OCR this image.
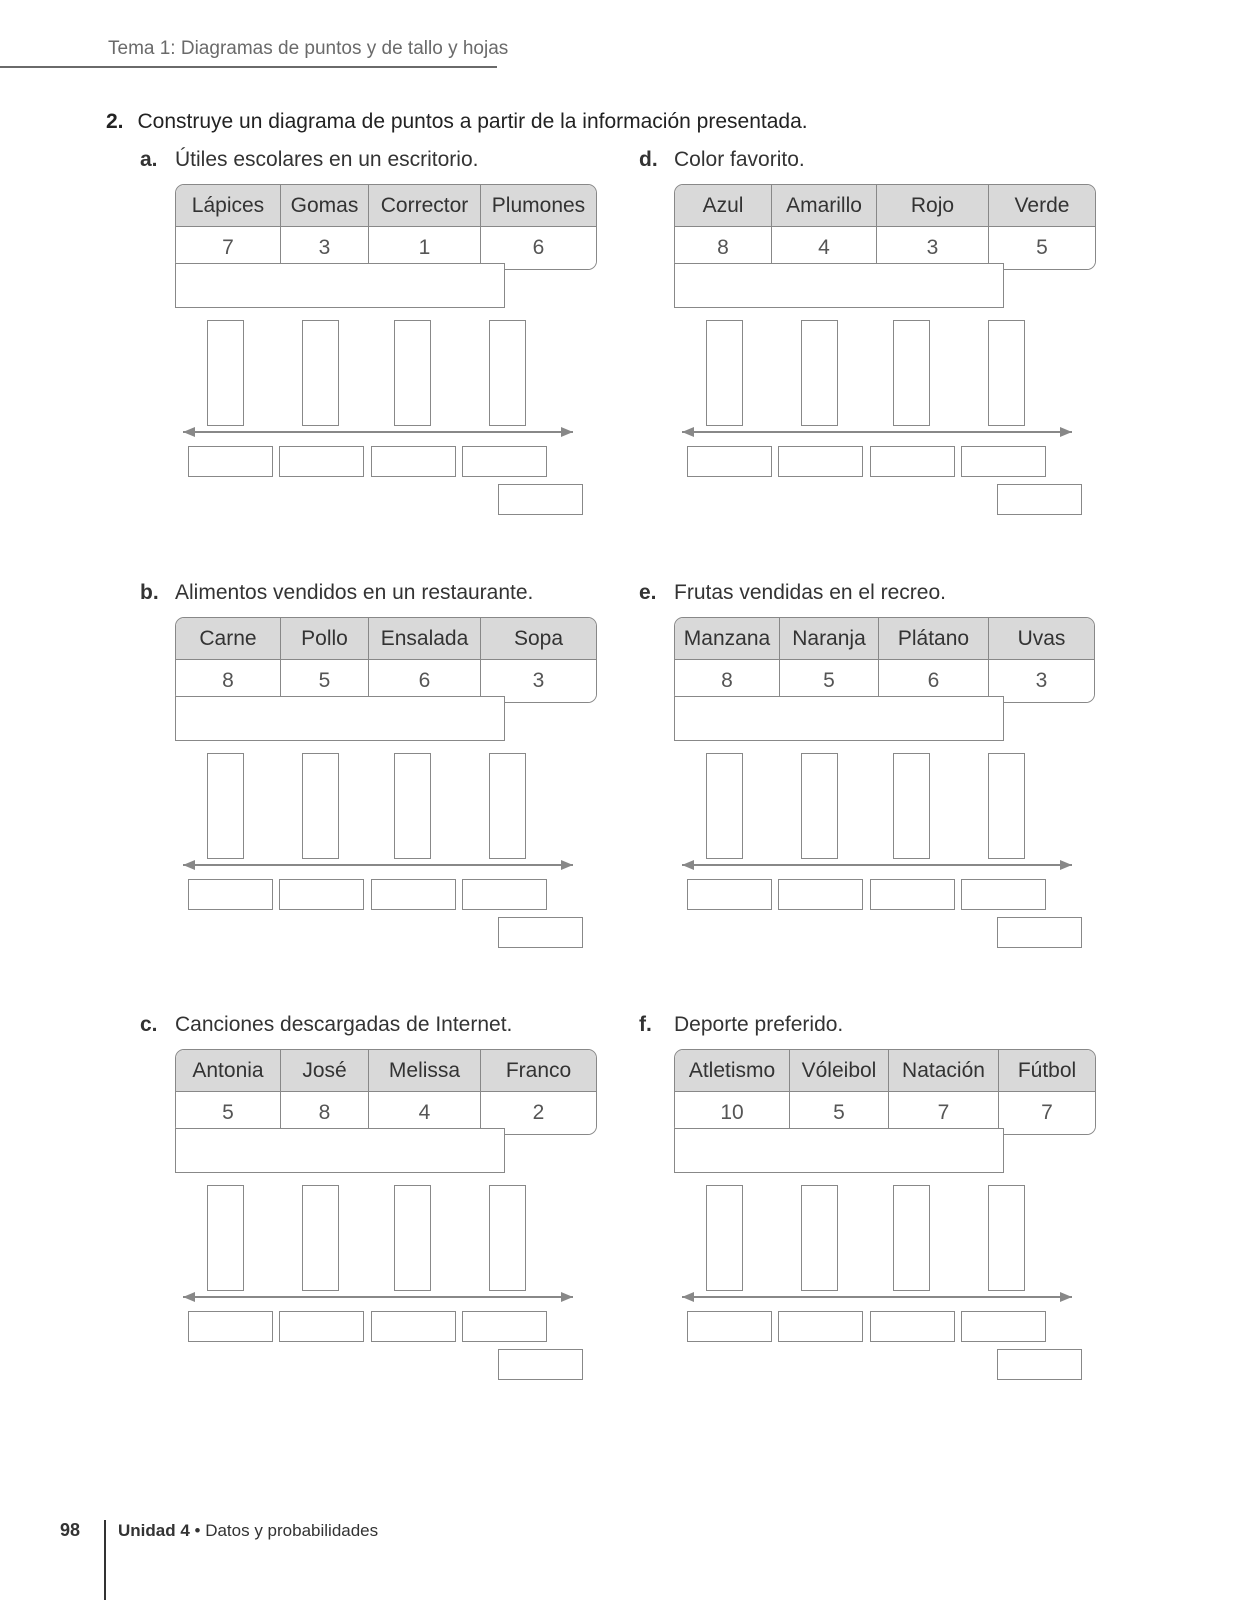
Tema 1: Diagramas de puntos y de tallo y hojas
2. Construye un diagrama de puntos a partir de la información presentada.
a. Útiles escolares en un escritorio.
Lápices	Gomas	Corrector	Plumones
7	3	1	6
b. Alimentos vendidos en un restaurante.
Carne	Pollo	Ensalada	Sopa
8	5	6	3
c. Canciones descargadas de Internet.
Antonia	José	Melissa	Franco
5	8	4	2
d. Color favorito.
Azul	Amarillo	Rojo	Verde
8	4	3	5
e. Frutas vendidas en el recreo.
Manzana	Naranja	Plátano	Uvas
8	5	6	3
f. Deporte preferido.
Atletismo	Vóleibol	Natación	Fútbol
10	5	7	7
98 Unidad 4 • Datos y probabilidades
